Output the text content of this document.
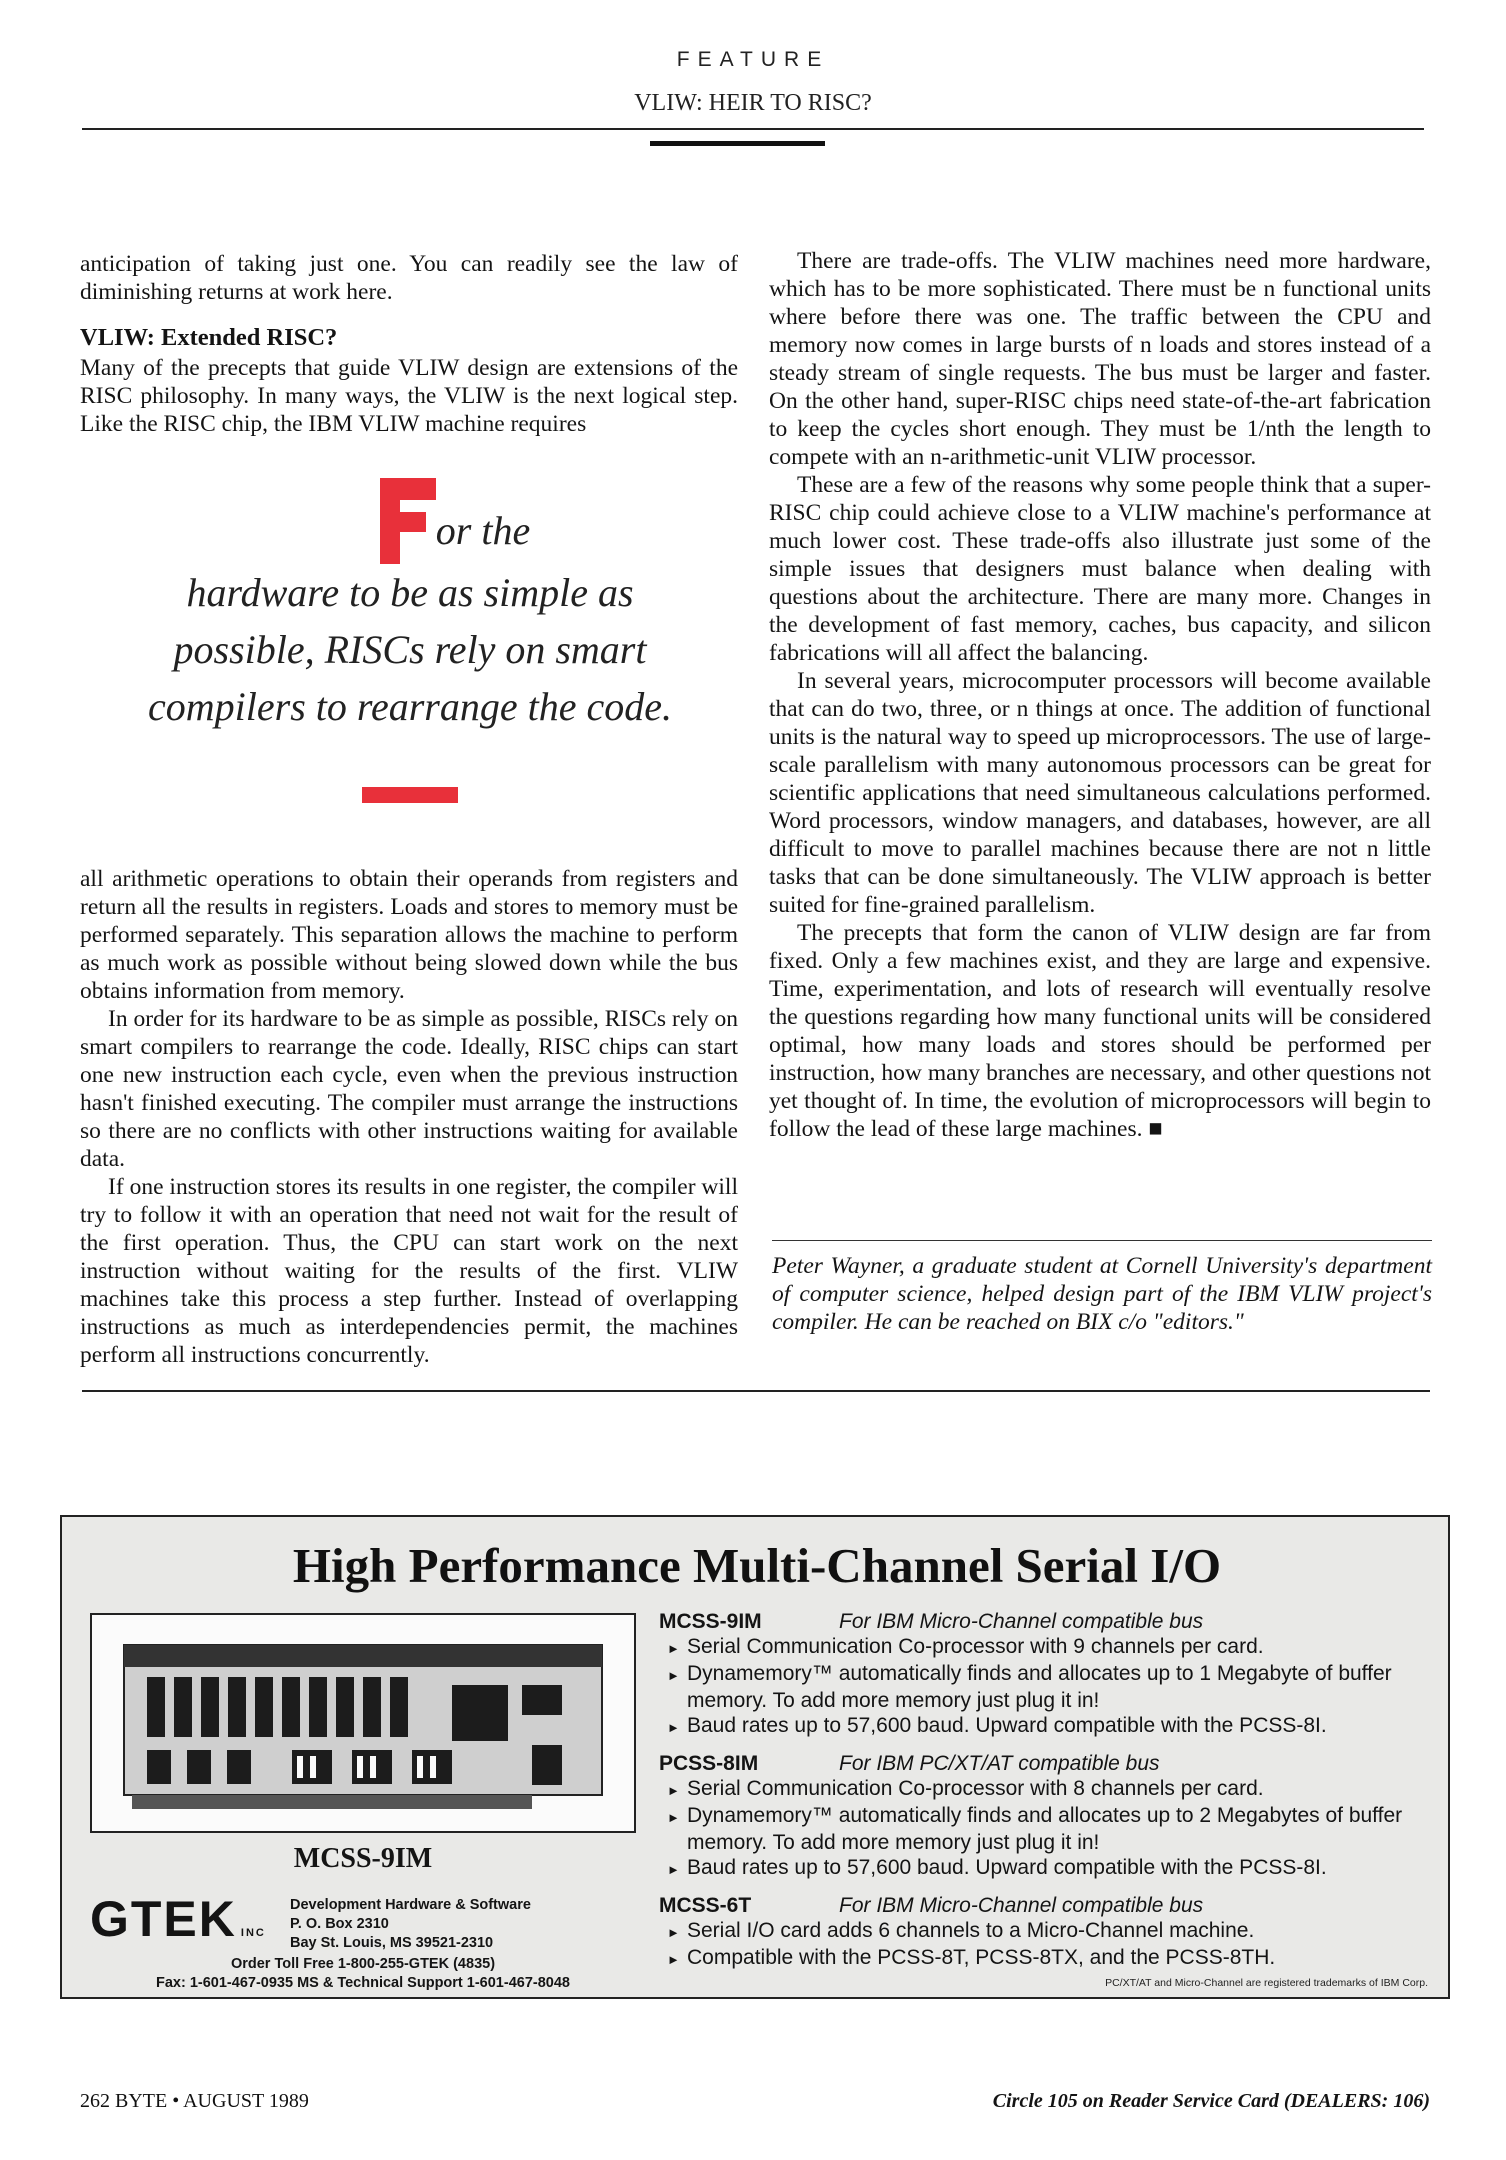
FEATURE
VLIW: HEIR TO RISC?

anticipation of taking just one. You can readily see the law of diminishing returns at work here.

VLIW: Extended RISC?

Many of the precepts that guide VLIW design are extensions of the RISC philosophy. In many ways, the VLIW is the next logical step. Like the RISC chip, the IBM VLIW machine requires

or the
hardware to be as simple as possible, RISCs rely on smart compilers to rearrange the code.

all arithmetic operations to obtain their operands from registers and return all the results in registers. Loads and stores to memory must be performed separately. This separation allows the machine to perform as much work as possible without being slowed down while the bus obtains information from memory.

In order for its hardware to be as simple as possible, RISCs rely on smart compilers to rearrange the code. Ideally, RISC chips can start one new instruction each cycle, even when the previous instruction hasn't finished executing. The compiler must arrange the instructions so there are no conflicts with other instructions waiting for available data.

If one instruction stores its results in one register, the compiler will try to follow it with an operation that need not wait for the result of the first operation. Thus, the CPU can start work on the next instruction without waiting for the results of the first. VLIW machines take this process a step further. Instead of overlapping instructions as much as interdependencies permit, the machines perform all instructions concurrently.

There are trade-offs. The VLIW machines need more hardware, which has to be more sophisticated. There must be n functional units where before there was one. The traffic between the CPU and memory now comes in large bursts of n loads and stores instead of a steady stream of single requests. The bus must be larger and faster. On the other hand, super-RISC chips need state-of-the-art fabrication to keep the cycles short enough. They must be 1/nth the length to compete with an n-arithmetic-unit VLIW processor.

These are a few of the reasons why some people think that a super-RISC chip could achieve close to a VLIW machine's performance at much lower cost. These trade-offs also illustrate just some of the simple issues that designers must balance when dealing with questions about the architecture. There are many more. Changes in the development of fast memory, caches, bus capacity, and silicon fabrications will all affect the balancing.

In several years, microcomputer processors will become available that can do two, three, or n things at once. The addition of functional units is the natural way to speed up microprocessors. The use of large-scale parallelism with many autonomous processors can be great for scientific applications that need simultaneous calculations performed. Word processors, window managers, and databases, however, are all difficult to move to parallel machines because there are not n little tasks that can be done simultaneously. The VLIW approach is better suited for fine-grained parallelism.

The precepts that form the canon of VLIW design are far from fixed. Only a few machines exist, and they are large and expensive. Time, experimentation, and lots of research will eventually resolve the questions regarding how many functional units will be considered optimal, how many loads and stores should be performed per instruction, how many branches are necessary, and other questions not yet thought of. In time, the evolution of microprocessors will begin to follow the lead of these large machines. ■

Peter Wayner, a graduate student at Cornell University's department of computer science, helped design part of the IBM VLIW project's compiler. He can be reached on BIX c/o "editors."
High Performance Multi-Channel Serial I/O
MCSS-9IM
GTEK INC
Development Hardware & Software
P. O. Box 2310
Bay St. Louis, MS 39521-2310
Order Toll Free 1-800-255-GTEK (4835)
Fax: 1-601-467-0935 MS & Technical Support 1-601-467-8048
MCSS-9IM	For IBM Micro-Channel compatible bus
► Serial Communication Co-processor with 9 channels per card.
► Dynamemory™ automatically finds and allocates up to 1 Megabyte of buffer memory. To add more memory just plug it in!
► Baud rates up to 57,600 baud. Upward compatible with the PCSS-8I.
PCSS-8IM	For IBM PC/XT/AT compatible bus
► Serial Communication Co-processor with 8 channels per card.
► Dynamemory™ automatically finds and allocates up to 2 Megabytes of buffer memory. To add more memory just plug it in!
► Baud rates up to 57,600 baud. Upward compatible with the PCSS-8I.
MCSS-6T	For IBM Micro-Channel compatible bus
► Serial I/O card adds 6 channels to a Micro-Channel machine.
► Compatible with the PCSS-8T, PCSS-8TX, and the PCSS-8TH.
PC/XT/AT and Micro-Channel are registered trademarks of IBM Corp.
262 BYTE • AUGUST 1989	Circle 105 on Reader Service Card (DEALERS: 106)
